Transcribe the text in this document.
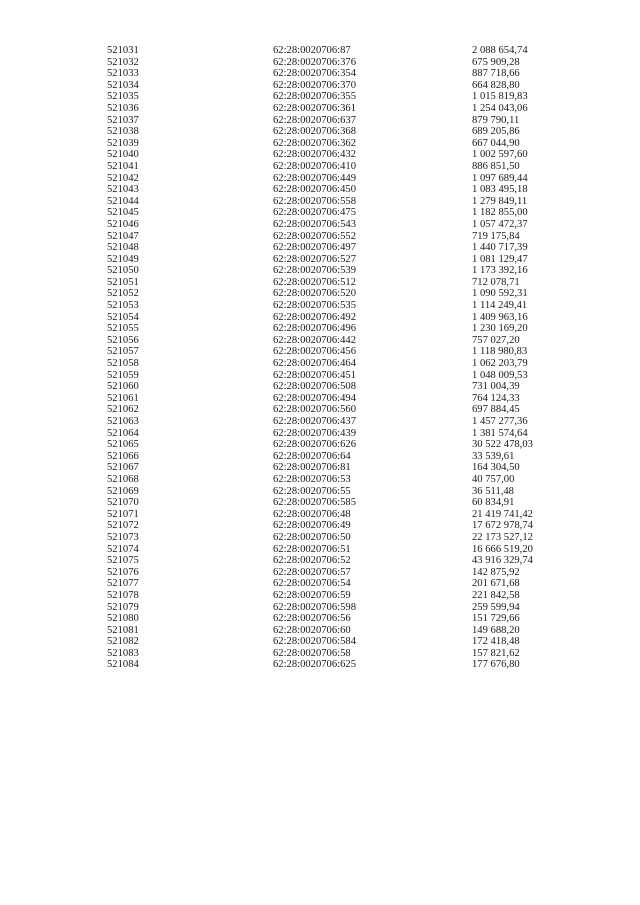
521031	62:28:0020706:87	2 088 654,74
521032	62:28:0020706:376	675 909,28
521033	62:28:0020706:354	887 718,66
521034	62:28:0020706:370	664 828,80
521035	62:28:0020706:355	1 015 819,83
521036	62:28:0020706:361	1 254 043,06
521037	62:28:0020706:637	879 790,11
521038	62:28:0020706:368	689 205,86
521039	62:28:0020706:362	667 044,90
521040	62:28:0020706:432	1 002 597,60
521041	62:28:0020706:410	886 851,50
521042	62:28:0020706:449	1 097 689,44
521043	62:28:0020706:450	1 083 495,18
521044	62:28:0020706:558	1 279 849,11
521045	62:28:0020706:475	1 182 855,00
521046	62:28:0020706:543	1 057 472,37
521047	62:28:0020706:552	719 175,84
521048	62:28:0020706:497	1 440 717,39
521049	62:28:0020706:527	1 081 129,47
521050	62:28:0020706:539	1 173 392,16
521051	62:28:0020706:512	712 078,71
521052	62:28:0020706:520	1 090 592,31
521053	62:28:0020706:535	1 114 249,41
521054	62:28:0020706:492	1 409 963,16
521055	62:28:0020706:496	1 230 169,20
521056	62:28:0020706:442	757 027,20
521057	62:28:0020706:456	1 118 980,83
521058	62:28:0020706:464	1 062 203,79
521059	62:28:0020706:451	1 048 009,53
521060	62:28:0020706:508	731 004,39
521061	62:28:0020706:494	764 124,33
521062	62:28:0020706:560	697 884,45
521063	62:28:0020706:437	1 457 277,36
521064	62:28:0020706:439	1 381 574,64
521065	62:28:0020706:626	30 522 478,03
521066	62:28:0020706:64	33 539,61
521067	62:28:0020706:81	164 304,50
521068	62:28:0020706:53	40 757,00
521069	62:28:0020706:55	36 511,48
521070	62:28:0020706:585	60 834,91
521071	62:28:0020706:48	21 419 741,42
521072	62:28:0020706:49	17 672 978,74
521073	62:28:0020706:50	22 173 527,12
521074	62:28:0020706:51	16 666 519,20
521075	62:28:0020706:52	43 916 329,74
521076	62:28:0020706:57	142 875,92
521077	62:28:0020706:54	201 671,68
521078	62:28:0020706:59	221 842,58
521079	62:28:0020706:598	259 599,94
521080	62:28:0020706:56	151 729,66
521081	62:28:0020706:60	149 688,20
521082	62:28:0020706:584	172 418,48
521083	62:28:0020706:58	157 821,62
521084	62:28:0020706:625	177 676,80
